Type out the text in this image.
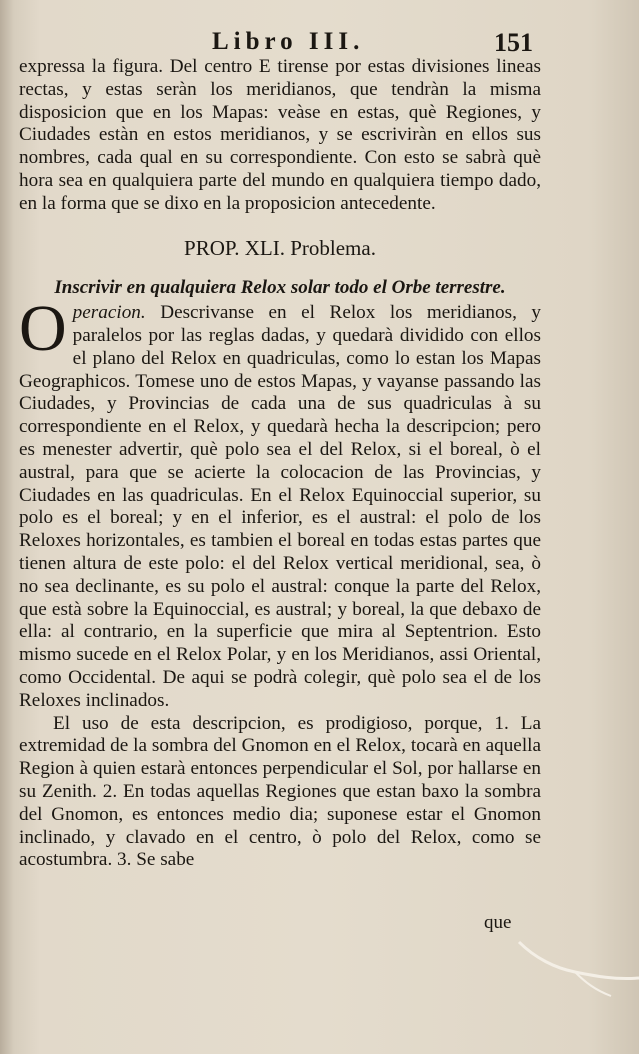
Libro III.	151

expressa la figura. Del centro E tirense por estas divisiones lineas rectas, y estas seràn los meridianos, que tendràn la misma disposicion que en los Mapas: veàse en estas, què Regiones, y Ciudades estàn en estos meridianos, y se escriviràn en ellos sus nombres, cada qual en su correspondiente. Con esto se sabrà què hora sea en qualquiera parte del mundo en qualquiera tiempo dado, en la forma que se dixo en la proposicion antecedente.

PROP. XLI. Problema.

Inscrivir en qualquiera Relox solar todo el Orbe terrestre.

Operacion. Descrivanse en el Relox los meridianos, y paralelos por las reglas dadas, y quedarà dividido con ellos el plano del Relox en quadriculas, como lo estan los Mapas Geographicos. Tomese uno de estos Mapas, y vayanse passando las Ciudades, y Provincias de cada una de sus quadriculas à su correspondiente en el Relox, y quedarà hecha la descripcion; pero es menester advertir, què polo sea el del Relox, si el boreal, ò el austral, para que se acierte la colocacion de las Provincias, y Ciudades en las quadriculas. En el Relox Equinoccial superior, su polo es el boreal; y en el inferior, es el austral: el polo de los Reloxes horizontales, es tambien el boreal en todas estas partes que tienen altura de este polo: el del Relox vertical meridional, sea, ò no sea declinante, es su polo el austral: conque la parte del Relox, que està sobre la Equinoccial, es austral; y boreal, la que debaxo de ella: al contrario, en la superficie que mira al Septentrion. Esto mismo sucede en el Relox Polar, y en los Meridianos, assi Oriental, como Occidental. De aqui se podrà colegir, què polo sea el de los Reloxes inclinados.

El uso de esta descripcion, es prodigioso, porque, 1. La extremidad de la sombra del Gnomon en el Relox, tocarà en aquella Region à quien estarà entonces perpendicular el Sol, por hallarse en su Zenith. 2. En todas aquellas Regiones que estan baxo la sombra del Gnomon, es entonces medio dia; suponese estar el Gnomon inclinado, y clavado en el centro, ò polo del Relox, como se acostumbra. 3. Se sabe

que
